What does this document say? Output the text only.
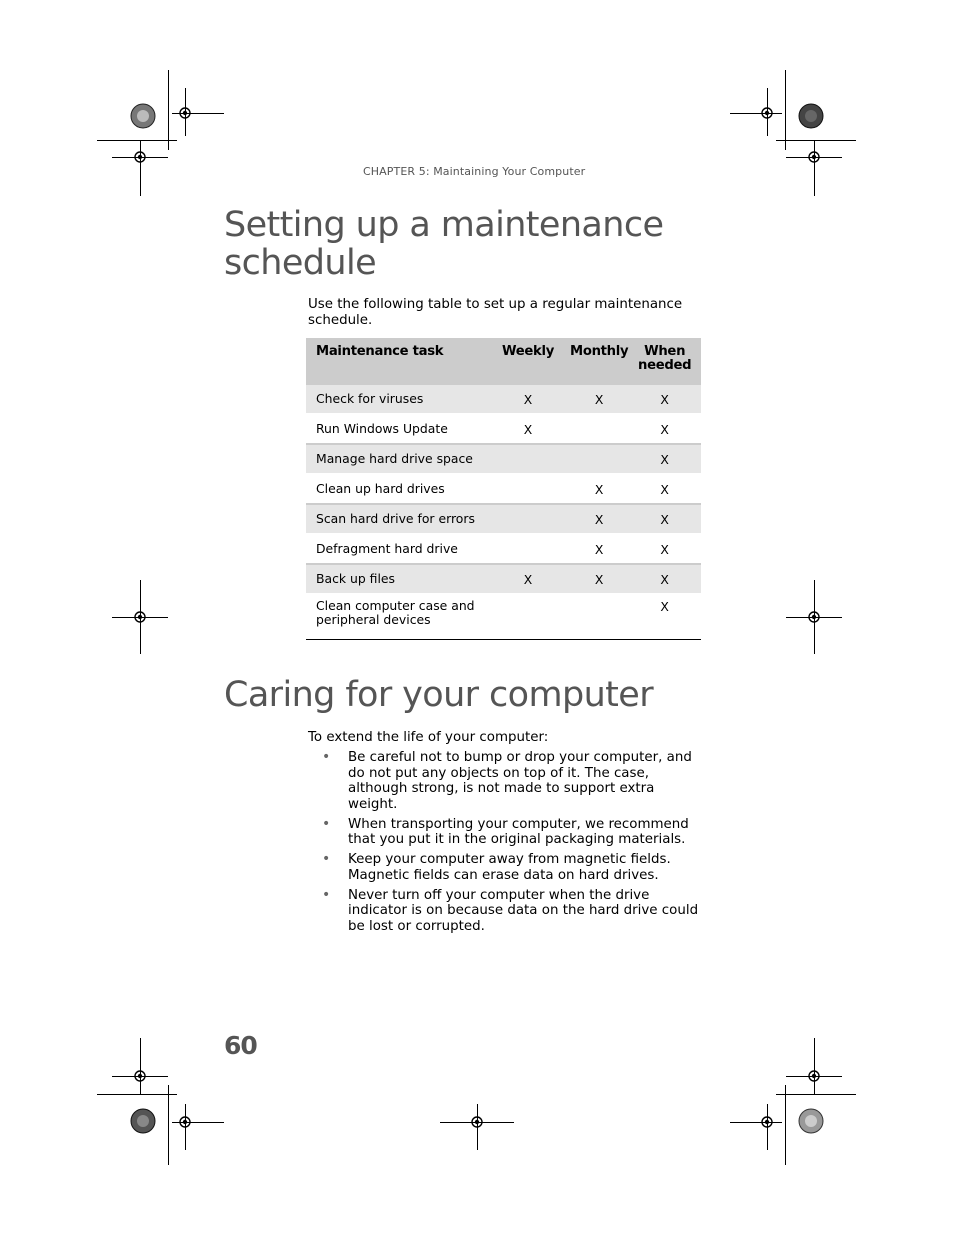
CHAPTER 5: Maintaining Your Computer
Setting up a maintenance
schedule
Use the following table to set up a regular maintenance schedule.
Maintenance task	Weekly	Monthly	When
needed
Check for viruses	X	X	X
Run Windows Update	X		X
Manage hard drive space			X
Clean up hard drives		X	X
Scan hard drive for errors		X	X
Defragment hard drive		X	X
Back up files	X	X	X
Clean computer case and
peripheral devices			X
Caring for your computer
To extend the life of your computer:
• Be careful not to bump or drop your computer, and do not put any objects on top of it. The case, although strong, is not made to support extra weight.
• When transporting your computer, we recommend that you put it in the original packaging materials.
• Keep your computer away from magnetic fields. Magnetic fields can erase data on hard drives.
• Never turn off your computer when the drive indicator is on because data on the hard drive could be lost or corrupted.
60
